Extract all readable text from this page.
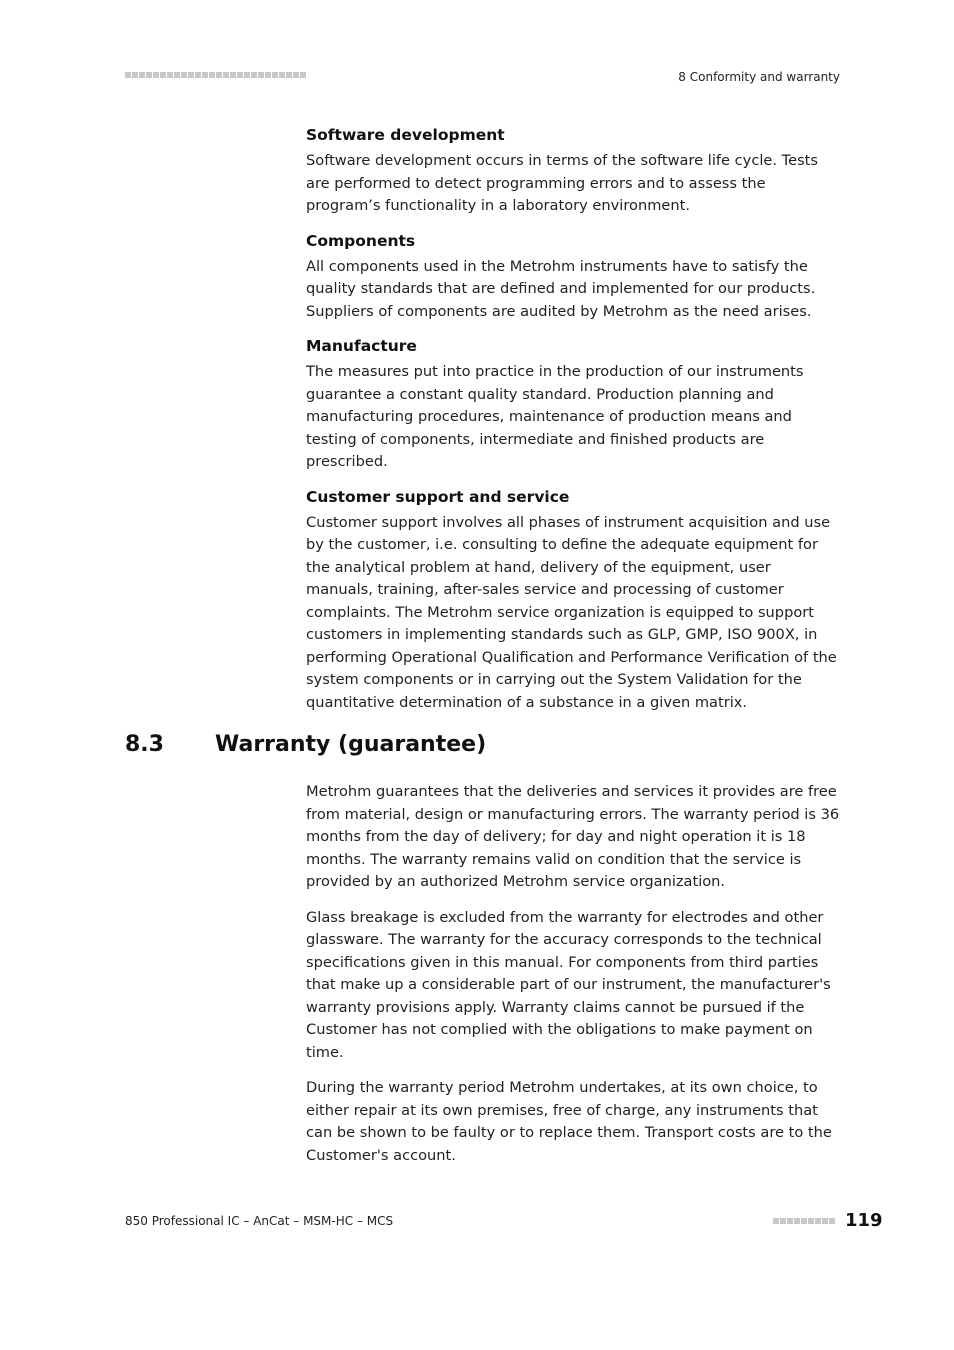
8 Conformity and warranty
Software development

Software development occurs in terms of the software life cycle. Tests are performed to detect programming errors and to assess the program’s functionality in a laboratory environment.

Components

All components used in the Metrohm instruments have to satisfy the quality standards that are defined and implemented for our products. Suppliers of components are audited by Metrohm as the need arises.

Manufacture

The measures put into practice in the production of our instruments guarantee a constant quality standard. Production planning and manufacturing procedures, maintenance of production means and testing of components, intermediate and finished products are prescribed.

Customer support and service

Customer support involves all phases of instrument acquisition and use by the customer, i.e. consulting to define the adequate equipment for the analytical problem at hand, delivery of the equipment, user manuals, training, after-sales service and processing of customer complaints. The Metrohm service organization is equipped to support customers in implementing standards such as GLP, GMP, ISO 900X, in performing Operational Qualification and Performance Verification of the system components or in carrying out the System Validation for the quantitative determination of a substance in a given matrix.

8.3 Warranty (guarantee)

Metrohm guarantees that the deliveries and services it provides are free from material, design or manufacturing errors. The warranty period is 36 months from the day of delivery; for day and night operation it is 18 months. The warranty remains valid on condition that the service is provided by an authorized Metrohm service organization.

Glass breakage is excluded from the warranty for electrodes and other glassware. The warranty for the accuracy corresponds to the technical specifications given in this manual. For components from third parties that make up a considerable part of our instrument, the manufacturer's warranty provisions apply. Warranty claims cannot be pursued if the Customer has not complied with the obligations to make payment on time.

During the warranty period Metrohm undertakes, at its own choice, to either repair at its own premises, free of charge, any instruments that can be shown to be faulty or to replace them. Transport costs are to the Customer's account.

850 Professional IC – AnCat – MSM-HC – MCS	119
